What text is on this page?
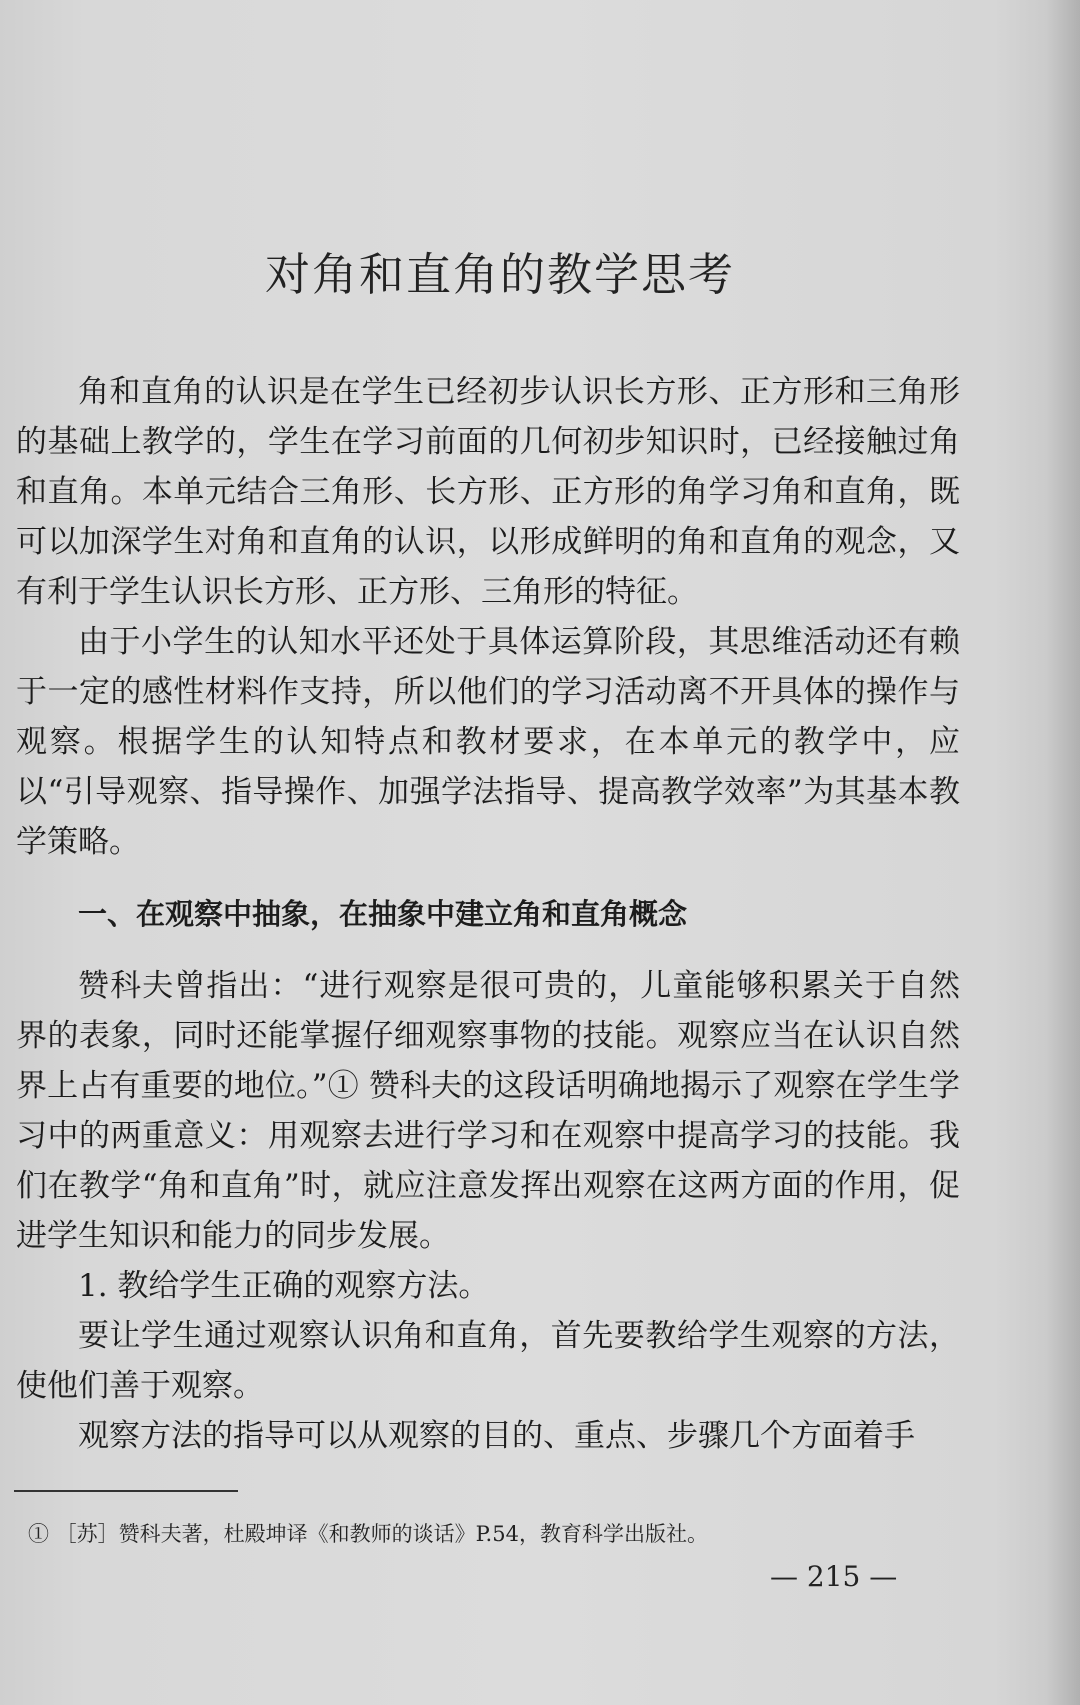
对角和直角的教学思考

角和直角的认识是在学生已经初步认识长方形、正方形和三角形的基础上教学的，学生在学习前面的几何初步知识时，已经接触过角和直角。本单元结合三角形、长方形、正方形的角学习角和直角，既可以加深学生对角和直角的认识，以形成鲜明的角和直角的观念，又有利于学生认识长方形、正方形、三角形的特征。

由于小学生的认知水平还处于具体运算阶段，其思维活动还有赖于一定的感性材料作支持，所以他们的学习活动离不开具体的操作与观察。根据学生的认知特点和教材要求，在本单元的教学中，应以“引导观察、指导操作、加强学法指导、提高教学效率”为其基本教学策略。

一、在观察中抽象，在抽象中建立角和直角概念

赞科夫曾指出：“进行观察是很可贵的，儿童能够积累关于自然界的表象，同时还能掌握仔细观察事物的技能。观察应当在认识自然界上占有重要的地位。”① 赞科夫的这段话明确地揭示了观察在学生学习中的两重意义：用观察去进行学习和在观察中提高学习的技能。我们在教学“角和直角”时，就应注意发挥出观察在这两方面的作用，促进学生知识和能力的同步发展。

1. 教给学生正确的观察方法。

要让学生通过观察认识角和直角，首先要教给学生观察的方法，使他们善于观察。

观察方法的指导可以从观察的目的、重点、步骤几个方面着手

① ［苏］赞科夫著，杜殿坤译《和教师的谈话》P.54，教育科学出版社。
— 215 —
